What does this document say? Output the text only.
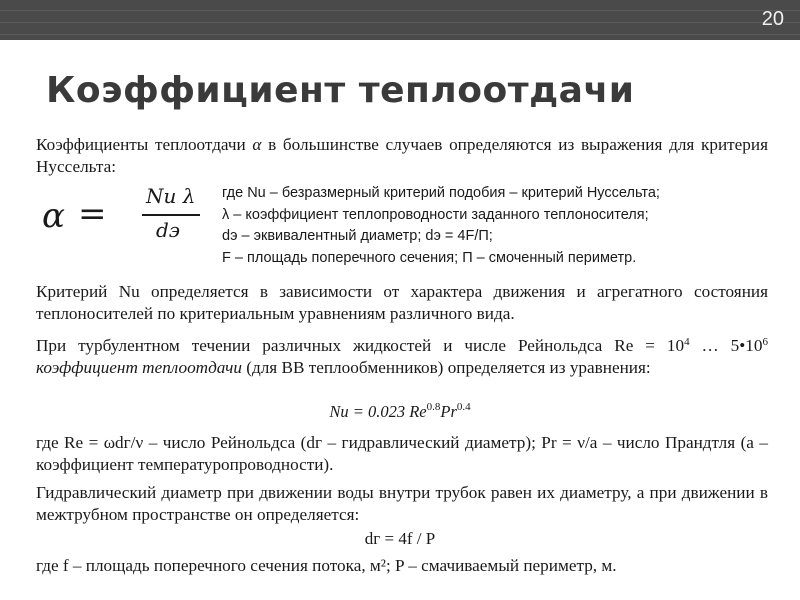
20
Коэффициент теплоотдачи
Коэффициенты теплоотдачи α в большинстве случаев определяются из выражения для критерия Нуссельта:
α = Nu λ
dэ
где Nu – безразмерный критерий подобия – критерий Нуссельта;
λ – коэффициент теплопроводности заданного теплоносителя;
dэ – эквивалентный диаметр; dэ = 4F/П;
F – площадь поперечного сечения; П – смоченный периметр.
Критерий Nu определяется в зависимости от характера движения и агрегатного состояния теплоносителей по критериальным уравнениям различного вида.
При турбулентном течении различных жидкостей и числе Рейнольдса $Re = 10^4$ … $5•10^6$ коэффициент теплоотдачи (для ВВ теплообменников) определяется из уравнения:
Nu = 0.023 $Re^{0.8}Pr^{0.4}$
где Re = ωdг/ν – число Рейнольдса (dг – гидравлический диаметр); Pr = ν/a – число Прандтля (a – коэффициент температуропроводности).
Гидравлический диаметр при движении воды внутри трубок равен их диаметру, а при движении в межтрубном пространстве он определяется:
dг = 4f / P
где f – площадь поперечного сечения потока, м²; P – смачиваемый периметр, м.
